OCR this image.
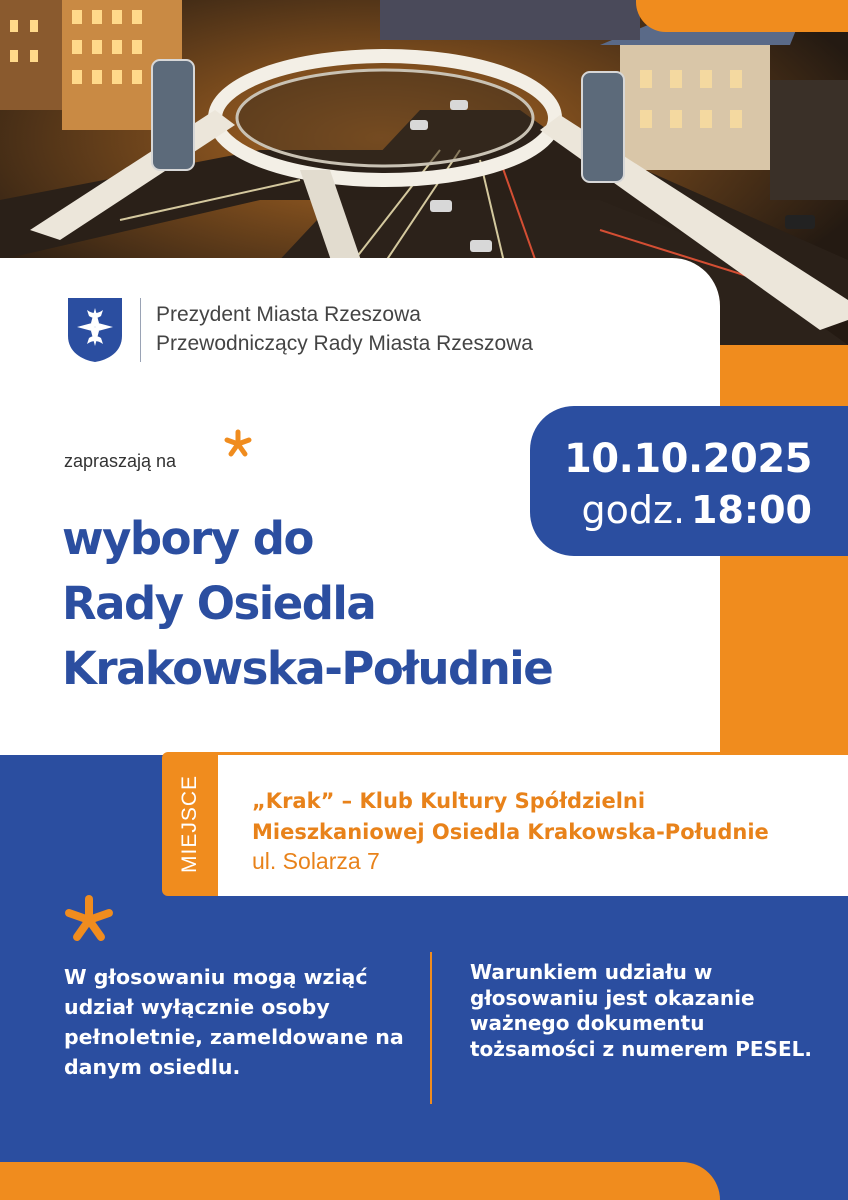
Prezydent Miasta Rzeszowa
Przewodniczący Rady Miasta Rzeszowa
zapraszają na	10.10.2025
godz. 18:00
wybory do
Rady Osiedla
Krakowska-Południe
MIEJSCE „Krak” – Klub Kultury Spółdzielni
Mieszkaniowej Osiedla Krakowska-Południe
ul. Solarza 7
W głosowaniu mogą wziąć udział wyłącznie osoby pełnoletnie, zameldowane na danym osiedlu.
Warunkiem udziału w głosowaniu jest okazanie ważnego dokumentu tożsamości z numerem PESEL.
